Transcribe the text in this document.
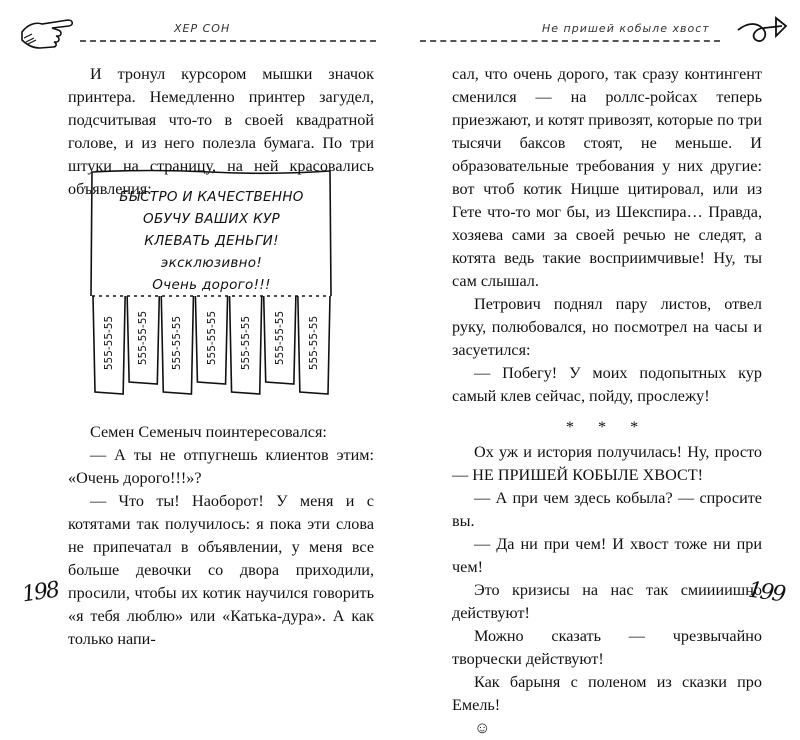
ХЕР СОН

И тронул курсором мышки значок принтера. Немедленно принтер загудел, подсчитывая что-то в своей квадратной голове, и из него полезла бумага. По три штуки на страницу, на ней красовались объявления:

БЫСТРО И КАЧЕСТВЕННО
ОБУЧУ ВАШИХ КУР
КЛЕВАТЬ ДЕНЬГИ!
эксклюзивно!
Очень дорого!!!
555-55-55 555-55-55 555-55-55 555-55-55 555-55-55 555-55-55 555-55-55

Семен Семеныч поинтересовался:

— А ты не отпугнешь клиентов этим: «Очень дорого!!!»?

— Что ты! Наоборот! У меня и с котятами так получилось: я пока эти слова не припечатал в объявлении, у меня все больше девочки со двора приходили, просили, чтобы их котик научился говорить «я тебя люблю» или «Катька-дура». А как только напи-

198
Не пришей кобыле хвост

сал, что очень дорого, так сразу контингент сменился — на роллс-ройсах теперь приезжают, и котят привозят, которые по три тысячи баксов стоят, не меньше. И образовательные требования у них другие: вот чтоб котик Ницше цитировал, или из Гете что-то мог бы, из Шекспира… Правда, хозяева сами за своей речью не следят, а котята ведь такие восприимчивые! Ну, ты сам слышал.

Петрович поднял пару листов, отвел руку, полюбовался, но посмотрел на часы и засуетился:

— Побегу! У моих подопытных кур самый клев сейчас, пойду, прослежу!

* * *

Ох уж и история получилась! Ну, просто — НЕ ПРИШЕЙ КОБЫЛЕ ХВОСТ!

— А при чем здесь кобыла? — спросите вы.

— Да ни при чем! И хвост тоже ни при чем!

Это кризисы на нас так смиииишно действуют!

Можно сказать — чрезвычайно творчески действуют!

Как барыня с поленом из сказки про Емель!

☺

199
